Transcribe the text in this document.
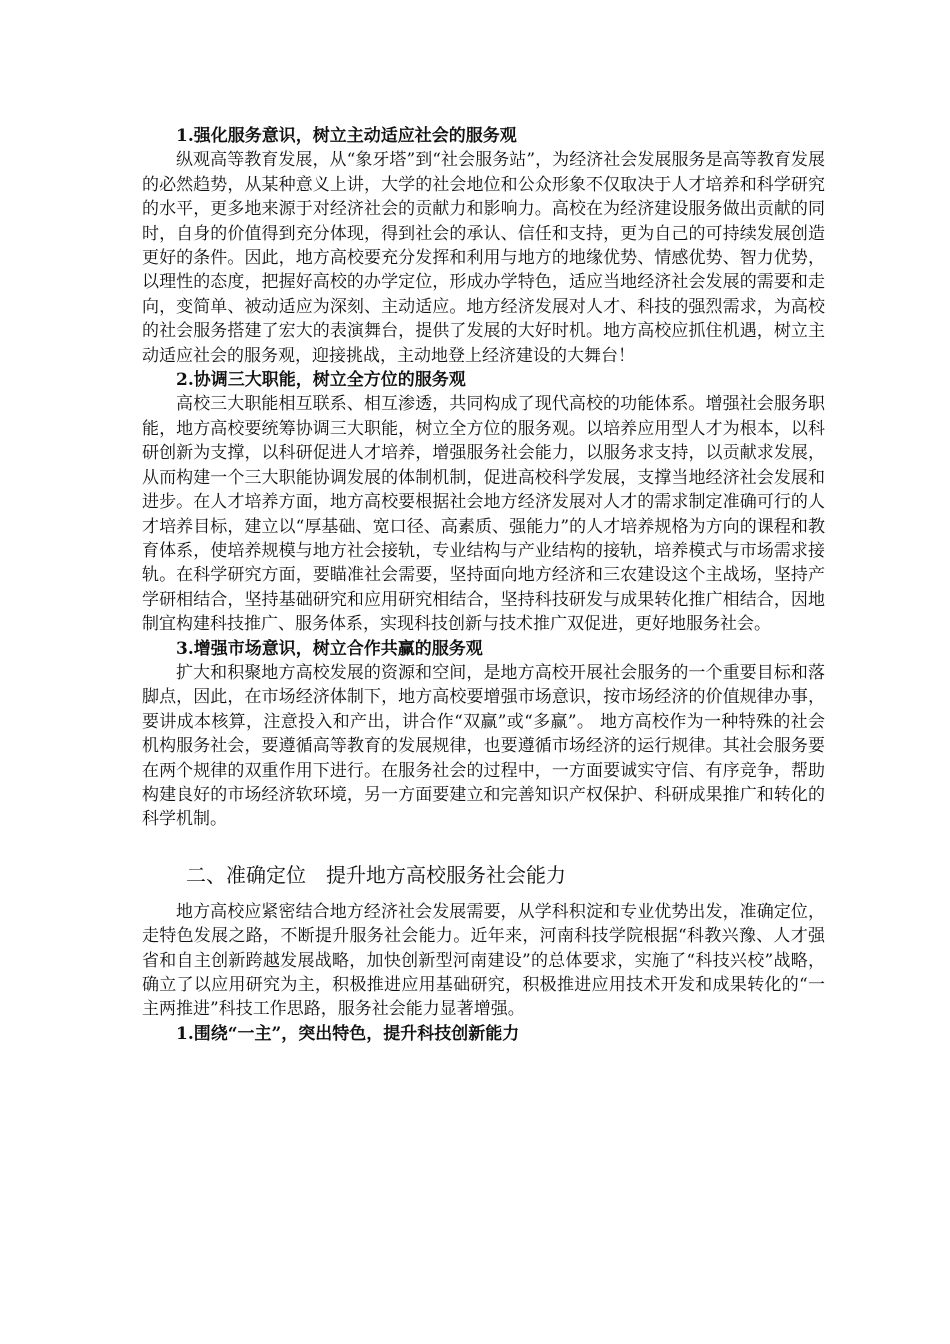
1.强化服务意识，树立主动适应社会的服务观

纵观高等教育发展，从“象牙塔”到“社会服务站”，为经济社会发展服务是高等教育发展的必然趋势，从某种意义上讲，大学的社会地位和公众形象不仅取决于人才培养和科学研究的水平，更多地来源于对经济社会的贡献力和影响力。高校在为经济建设服务做出贡献的同时，自身的价值得到充分体现，得到社会的承认、信任和支持，更为自己的可持续发展创造更好的条件。因此，地方高校要充分发挥和利用与地方的地缘优势、情感优势、智力优势，以理性的态度，把握好高校的办学定位，形成办学特色，适应当地经济社会发展的需要和走向，变简单、被动适应为深刻、主动适应。地方经济发展对人才、科技的强烈需求，为高校的社会服务搭建了宏大的表演舞台，提供了发展的大好时机。地方高校应抓住机遇，树立主动适应社会的服务观，迎接挑战，主动地登上经济建设的大舞台！

2.协调三大职能，树立全方位的服务观

高校三大职能相互联系、相互渗透，共同构成了现代高校的功能体系。增强社会服务职能，地方高校要统筹协调三大职能，树立全方位的服务观。以培养应用型人才为根本，以科研创新为支撑，以科研促进人才培养，增强服务社会能力，以服务求支持，以贡献求发展，从而构建一个三大职能协调发展的体制机制，促进高校科学发展，支撑当地经济社会发展和进步。在人才培养方面，地方高校要根据社会地方经济发展对人才的需求制定准确可行的人才培养目标，建立以“厚基础、宽口径、高素质、强能力”的人才培养规格为方向的课程和教育体系，使培养规模与地方社会接轨，专业结构与产业结构的接轨，培养模式与市场需求接轨。在科学研究方面，要瞄准社会需要，坚持面向地方经济和三农建设这个主战场，坚持产学研相结合，坚持基础研究和应用研究相结合，坚持科技研发与成果转化推广相结合，因地制宜构建科技推广、服务体系，实现科技创新与技术推广双促进，更好地服务社会。

3.增强市场意识，树立合作共赢的服务观

扩大和积聚地方高校发展的资源和空间，是地方高校开展社会服务的一个重要目标和落脚点，因此，在市场经济体制下，地方高校要增强市场意识，按市场经济的价值规律办事，要讲成本核算，注意投入和产出，讲合作“双赢”或“多赢”。 地方高校作为一种特殊的社会机构服务社会，要遵循高等教育的发展规律，也要遵循市场经济的运行规律。其社会服务要在两个规律的双重作用下进行。在服务社会的过程中，一方面要诚实守信、有序竞争，帮助构建良好的市场经济软环境，另一方面要建立和完善知识产权保护、科研成果推广和转化的科学机制。

二、准确定位　提升地方高校服务社会能力

地方高校应紧密结合地方经济社会发展需要，从学科积淀和专业优势出发，准确定位，走特色发展之路，不断提升服务社会能力。近年来，河南科技学院根据“科教兴豫、人才强省和自主创新跨越发展战略，加快创新型河南建设”的总体要求，实施了“科技兴校”战略，确立了以应用研究为主，积极推进应用基础研究，积极推进应用技术开发和成果转化的“一主两推进”科技工作思路，服务社会能力显著增强。

1.围绕“一主”，突出特色，提升科技创新能力
